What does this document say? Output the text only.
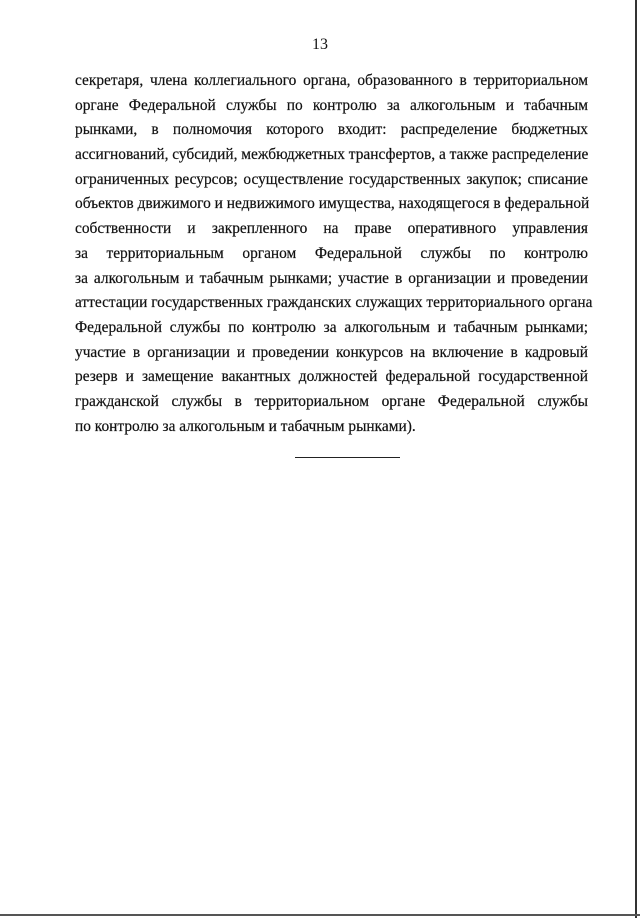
13
секретаря, члена коллегиального органа, образованного в территориальном
органе Федеральной службы по контролю за алкогольным и табачным
рынками, в полномочия которого входит: распределение бюджетных
ассигнований, субсидий, межбюджетных трансфертов, а также распределение
ограниченных ресурсов; осуществление государственных закупок; списание
объектов движимого и недвижимого имущества, находящегося в федеральной
собственности и закрепленного на праве оперативного управления
за территориальным органом Федеральной службы по контролю
за алкогольным и табачным рынками; участие в организации и проведении
аттестации государственных гражданских служащих территориального органа
Федеральной службы по контролю за алкогольным и табачным рынками;
участие в организации и проведении конкурсов на включение в кадровый
резерв и замещение вакантных должностей федеральной государственной
гражданской службы в территориальном органе Федеральной службы
по контролю за алкогольным и табачным рынками).
